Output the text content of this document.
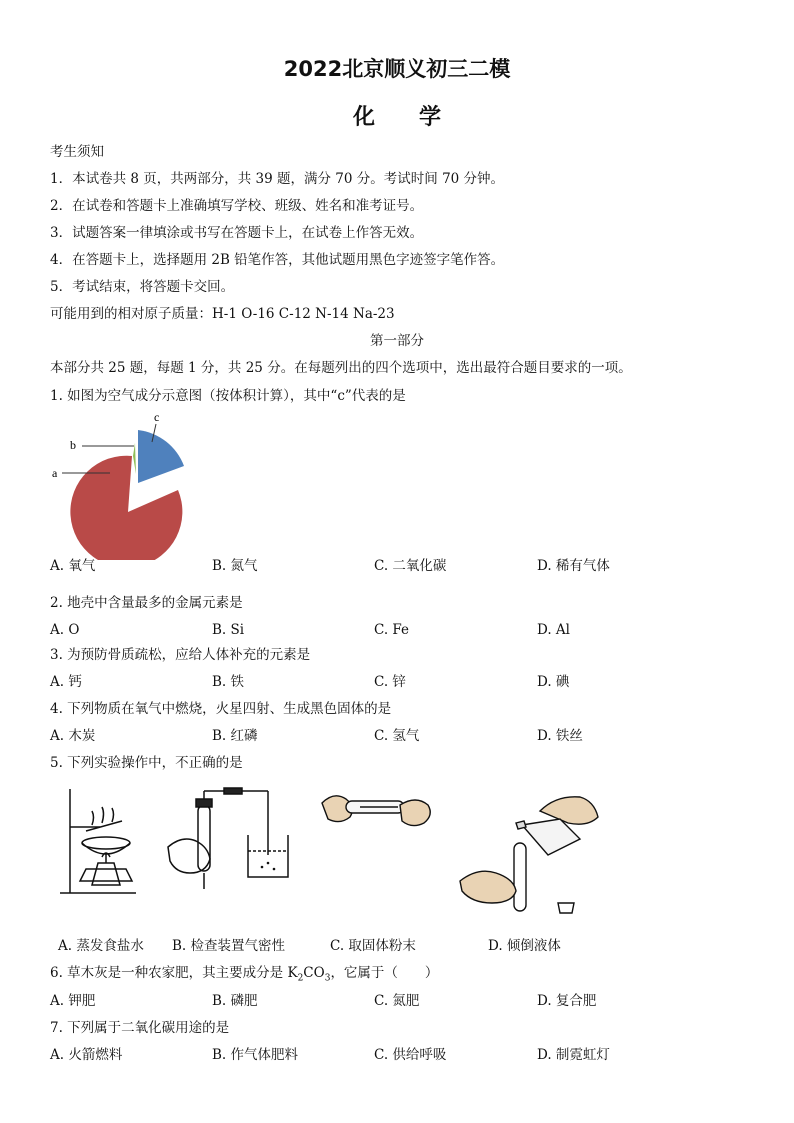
2022北京顺义初三二模
化　　学
考生须知
1．本试卷共 8 页，共两部分，共 39 题，满分 70 分。考试时间 70 分钟。
2．在试卷和答题卡上准确填写学校、班级、姓名和准考证号。
3．试题答案一律填涂或书写在答题卡上，在试卷上作答无效。
4．在答题卡上，选择题用 2B 铅笔作答，其他试题用黑色字迹签字笔作答。
5．考试结束，将答题卡交回。
可能用到的相对原子质量：H-1 O-16 C-12 N-14 Na-23
第一部分
本部分共 25 题，每题 1 分，共 25 分。在每题列出的四个选项中，选出最符合题目要求的一项。
1. 如图为空气成分示意图（按体积计算），其中“c”代表的是
a
b
c
A. 氧气	B. 氮气	C. 二氧化碳	D. 稀有气体
2. 地壳中含量最多的金属元素是
A. O	B. Si	C. Fe	D. Al
3. 为预防骨质疏松，应给人体补充的元素是
A. 钙	B. 铁	C. 锌	D. 碘
4. 下列物质在氧气中燃烧，火星四射、生成黑色固体的是
A. 木炭	B. 红磷	C. 氢气	D. 铁丝
5. 下列实验操作中，不正确的是
A. 蒸发食盐水 B. 检查装置气密性	C. 取固体粉末	D. 倾倒液体
6. 草木灰是一种农家肥，其主要成分是 $K_2CO_3$，它属于（　　）
A. 钾肥	B. 磷肥	C. 氮肥	D. 复合肥
7. 下列属于二氧化碳用途的是
A. 火箭燃料	B. 作气体肥料	C. 供给呼吸	D. 制霓虹灯
